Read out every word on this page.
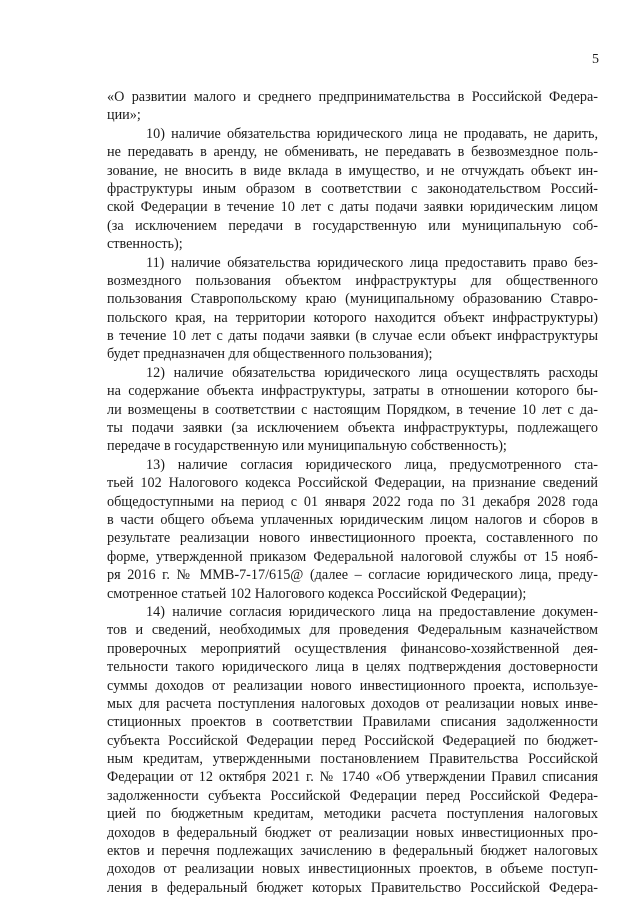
5
«О развитии малого и среднего предпринимательства в Российской Федера-
ции»;
10) наличие обязательства юридического лица не продавать, не дарить,
не передавать в аренду, не обменивать, не передавать в безвозмездное поль-
зование, не вносить в виде вклада в имуществo, и не отчуждать объект ин-
фраструктуры иным образом в соответствии с законодательством Россий-
ской Федерации в течение 10 лет с даты подачи заявки юридическим лицом
(за исключением передачи в государственную или муниципальную соб-
ственность);
11) наличие обязательства юридического лица предоставить право без-
возмездного пользования объектом инфраструктуры для общественного
пользования Ставропольскому краю (муниципальному образованию Ставро-
польского края, на территории которого находится объект инфраструктуры)
в течение 10 лет с даты подачи заявки (в случае если объект инфраструктуры
будет предназначен для общественного пользования);
12) наличие обязательства юридического лица осуществлять расходы
на содержание объекта инфраструктуры, затраты в отношении которого бы-
ли возмещены в соответствии с настоящим Порядком, в течение 10 лет с да-
ты подачи заявки (за исключением объекта инфраструктуры, подлежащего
передаче в государственную или муниципальную собственность);
13) наличие согласия юридического лица, предусмотренного ста-
тьей 102 Налогового кодекса Российской Федерации, на признание сведений
общедоступными на период с 01 января 2022 года по 31 декабря 2028 года
в части общего объема уплаченных юридическим лицом налогов и сборов в
результате реализации нового инвестиционного проекта, составленного по
форме, утвержденной приказом Федеральной налоговой службы от 15 нояб-
ря 2016 г. № ММВ-7-17/615@ (далее – согласие юридического лица, преду-
смотренное статьей 102 Налогового кодекса Российской Федерации);
14) наличие согласия юридического лица на предоставление докумен-
тов и сведений, необходимых для проведения Федеральным казначейством
проверочных мероприятий осуществления финансово-хозяйственной дея-
тельности такого юридического лица в целях подтверждения достоверности
суммы доходов от реализации нового инвестиционного проекта, используе-
мых для расчета поступления налоговых доходов от реализации новых инве-
стиционных проектов в соответствии Правилами списания задолженности
субъекта Российской Федерации перед Российской Федерацией по бюджет-
ным кредитам, утвержденными постановлением Правительства Российской
Федерации от 12 октября 2021 г. № 1740 «Об утверждении Правил списания
задолженности субъекта Российской Федерации перед Российской Федера-
цией по бюджетным кредитам, методики расчета поступления налоговых
доходов в федеральный бюджет от реализации новых инвестиционных про-
ектов и перечня подлежащих зачислению в федеральный бюджет налоговых
доходов от реализации новых инвестиционных проектов, в объеме поступ-
ления в федеральный бюджет которых Правительство Российской Федера-
